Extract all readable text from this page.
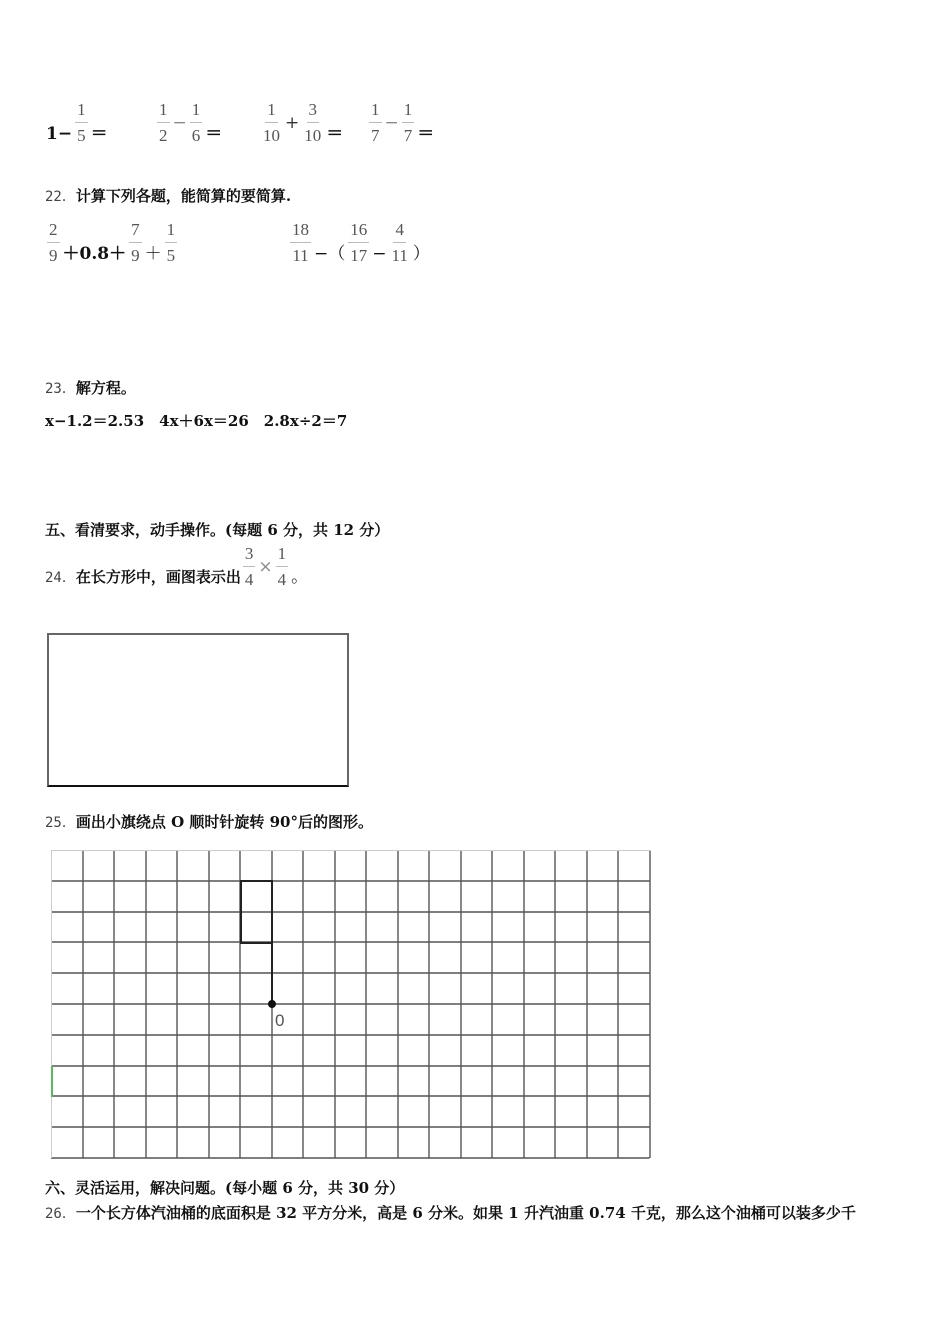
$1- \frac{1}{5}$ ＝	$\frac{1}{2} - \frac{1}{6} = \frac{1}{10} + \frac{3}{10} = \frac{1}{7} - \frac{1}{7}$ ＝
22．计算下列各题，能简算的要简算.
$\frac{2}{9} +0.8+ \frac{7}{9} + \frac{1}{5}$	$\frac{18}{11}$ −（ $\frac{16}{17} - \frac{4}{11}$ ）
23．解方程。
x−1.2＝2.53　4x＋6x＝26　2.8x÷2＝7
五、看清要求，动手操作。(每题 6 分，共 12 分）
24．在长方形中，画图表示出 $\frac{3}{4} \times \frac{1}{4}$ 。
25．画出小旗绕点 O 顺时针旋转 90°后的图形。
0
六、灵活运用，解决问题。(每小题 6 分，共 30 分）
26．一个长方体汽油桶的底面积是 32 平方分米，高是 6 分米。如果 1 升汽油重 0.74 千克，那么这个油桶可以装多少千
